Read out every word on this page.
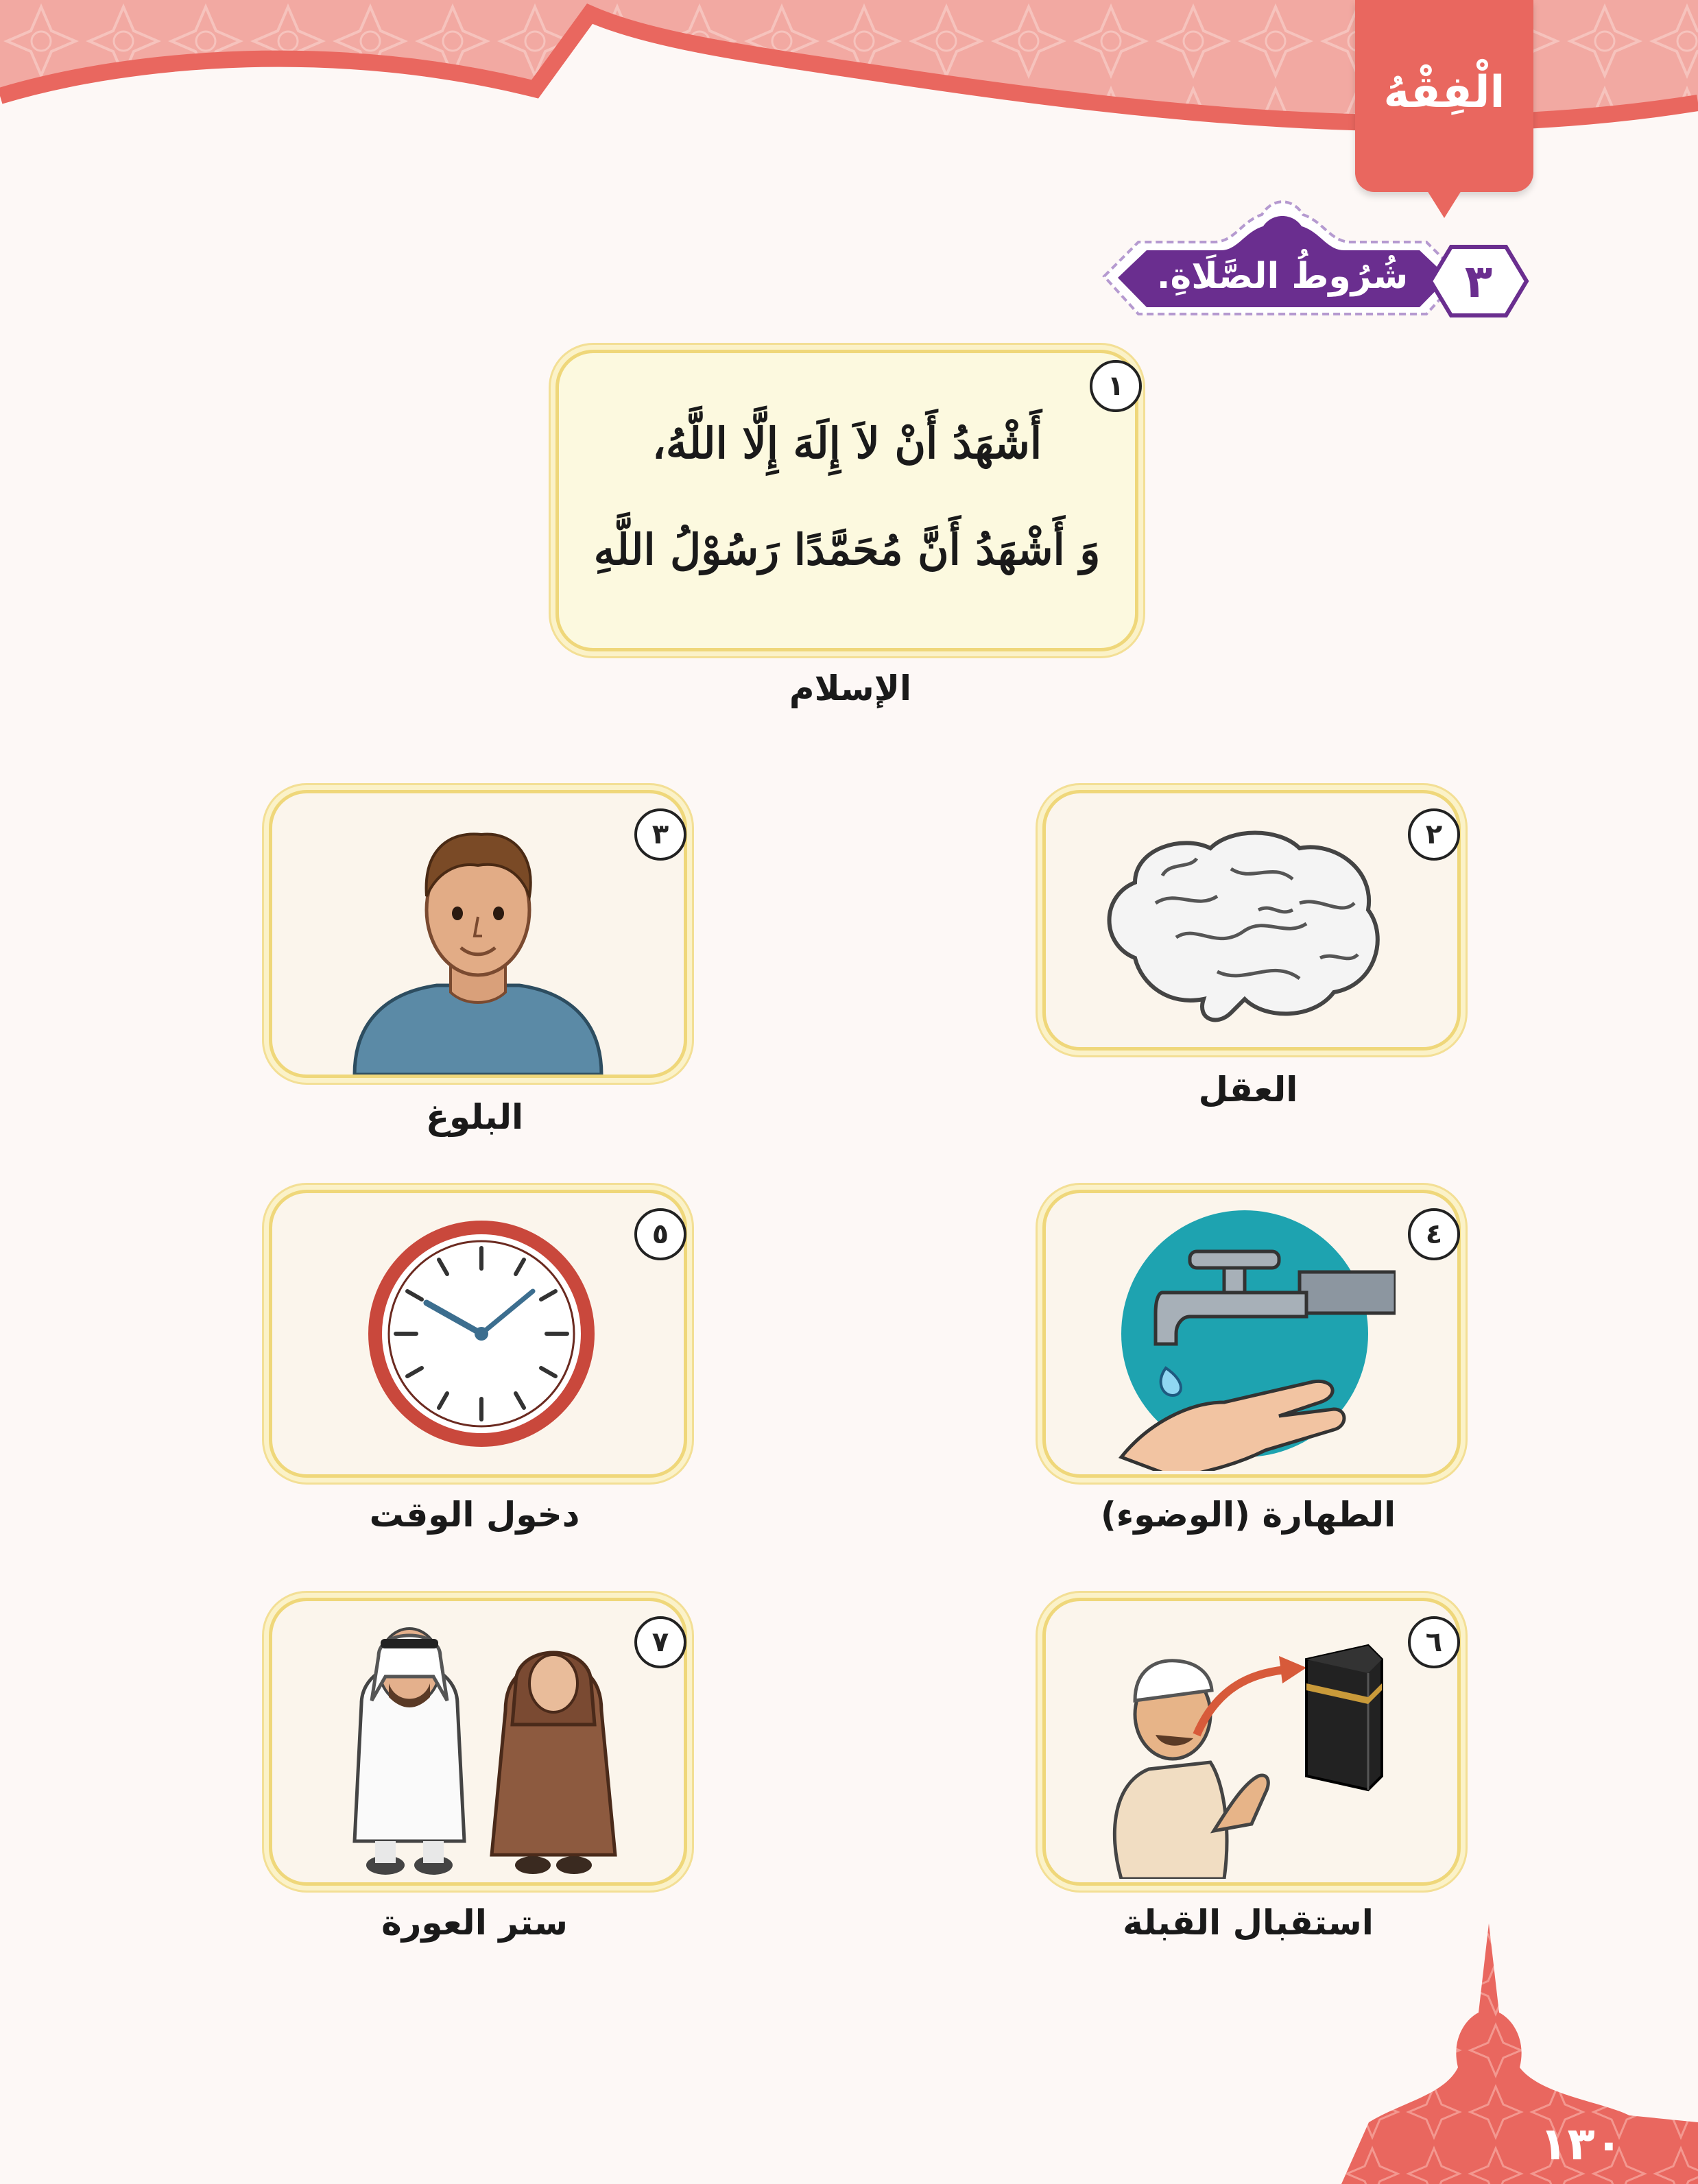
الْفِقْهُ
شُرُوطُ الصَّلَاةِ.	٣
١
أَشْهَدُ أَنْ لاَ إِلَهَ إِلَّا اللَّهُ،
وَ أَشْهَدُ أَنَّ مُحَمَّدًا رَسُوْلُ اللَّهِ
الإسلام
٢
العقل
٣
البلوغ
٤
الطهارة (الوضوء)
٥
دخول الوقت
٦
استقبال القبلة
٧
ستر العورة
١٣٠
